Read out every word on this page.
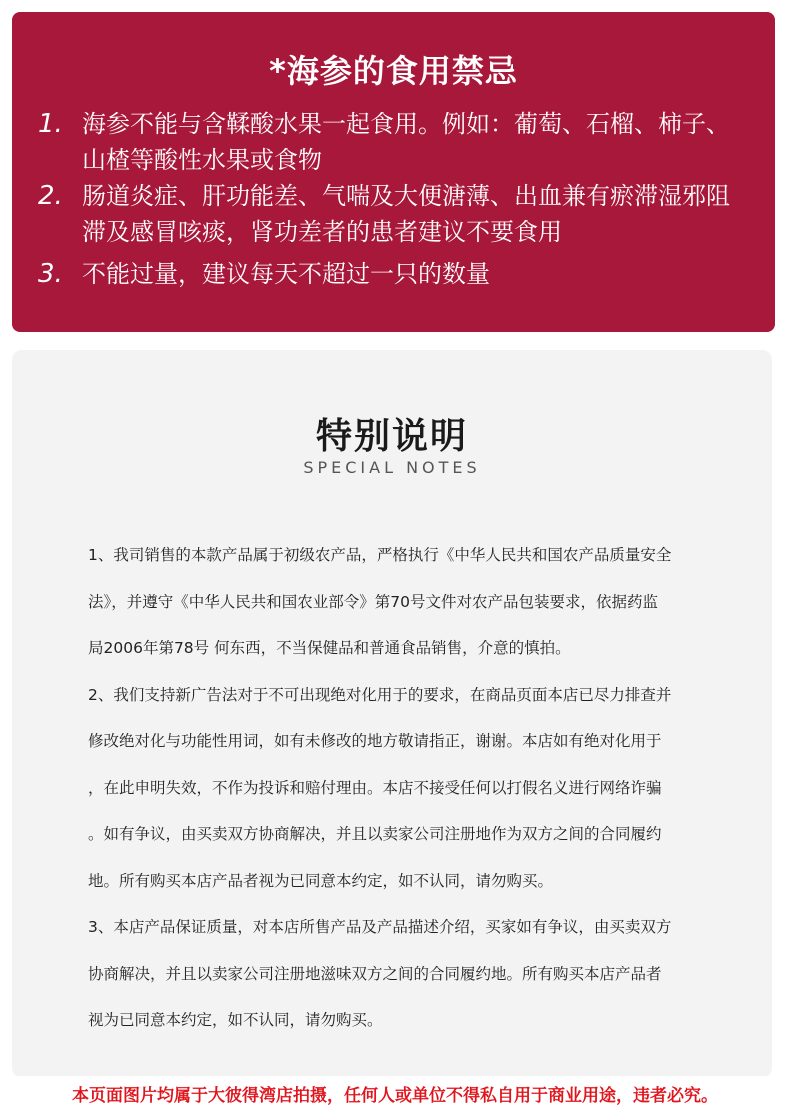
*海参的食用禁忌
1. 海参不能与含鞣酸水果一起食用。例如：葡萄、石榴、柿子、
山楂等酸性水果或食物
2. 肠道炎症、肝功能差、气喘及大便溏薄、出血兼有瘀滞湿邪阻
滞及感冒咳痰，肾功差者的患者建议不要食用
3. 不能过量，建议每天不超过一只的数量
特别说明
SPECIAL NOTES
1、我司销售的本款产品属于初级农产品，严格执行《中华人民共和国农产品质量安全
法》，并遵守《中华人民共和国农业部令》第70号文件对农产品包装要求，依据药监
局2006年第78号 何东西，不当保健品和普通食品销售，介意的慎拍。
2、我们支持新广告法对于不可出现绝对化用于的要求，在商品页面本店已尽力排查并
修改绝对化与功能性用词，如有未修改的地方敬请指正，谢谢。本店如有绝对化用于
，在此申明失效，不作为投诉和赔付理由。本店不接受任何以打假名义进行网络诈骗
。如有争议，由买卖双方协商解决，并且以卖家公司注册地作为双方之间的合同履约
地。所有购买本店产品者视为已同意本约定，如不认同，请勿购买。
3、本店产品保证质量，对本店所售产品及产品描述介绍，买家如有争议，由买卖双方
协商解决，并且以卖家公司注册地滋味双方之间的合同履约地。所有购买本店产品者
视为已同意本约定，如不认同，请勿购买。
本页面图片均属于大彼得湾店拍摄，任何人或单位不得私自用于商业用途，违者必究。
